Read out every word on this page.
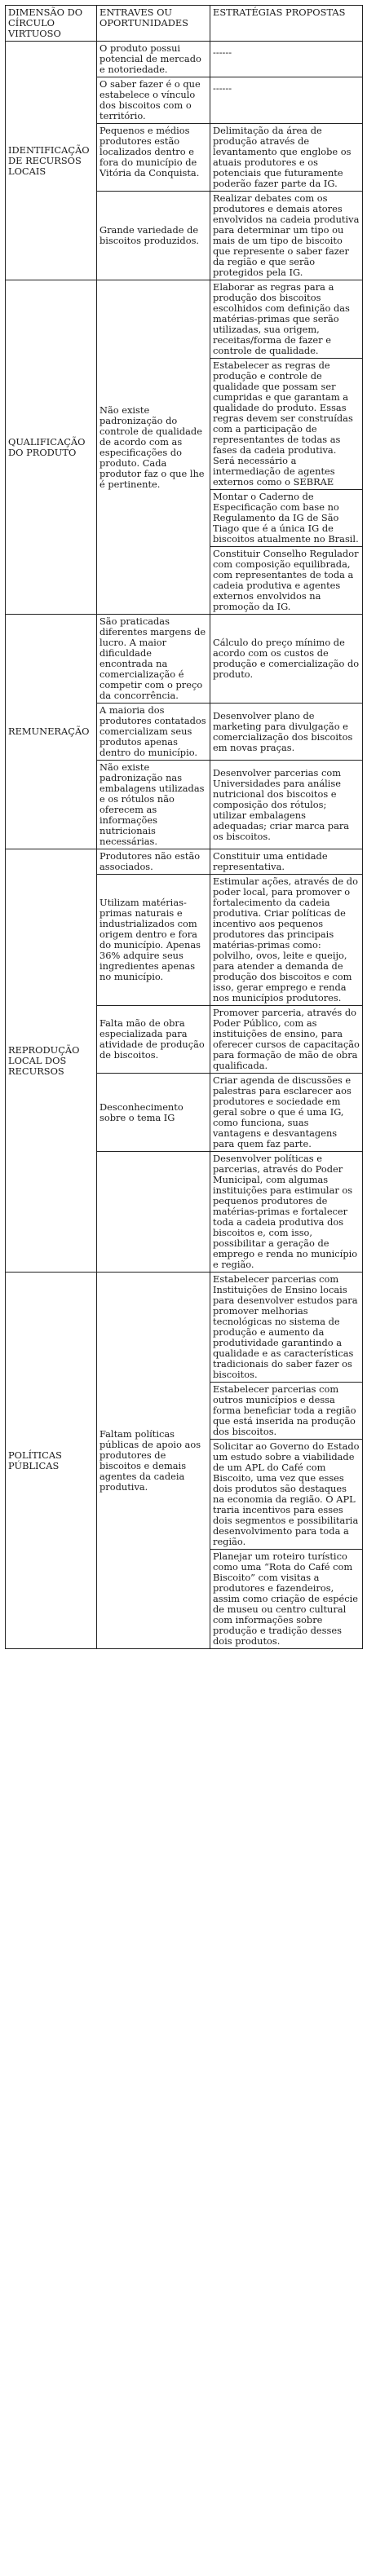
DIMENSÃO DO CÍRCULO VIRTUOSO	ENTRAVES OU OPORTUNIDADES	ESTRATÉGIAS PROPOSTAS
IDENTIFICAÇÃO DE RECURSOS LOCAIS	O produto possui potencial de mercado e notoriedade.	------
	O saber fazer é o que estabelece o vínculo dos biscoitos com o território.	------
	Pequenos e médios produtores estão localizados dentro e fora do município de Vitória da Conquista.	Delimitação da área de produção através de levantamento que englobe os atuais produtores e os potenciais que futuramente poderão fazer parte da IG.
	Grande variedade de biscoitos produzidos.	Realizar debates com os produtores e demais atores envolvidos na cadeia produtiva para determinar um tipo ou mais de um tipo de biscoito que represente o saber fazer da região e que serão protegidos pela IG.
QUALIFICAÇÃO DO PRODUTO	Não existe padronização do controle de qualidade de acordo com as especificações do produto. Cada produtor faz o que lhe é pertinente.	Elaborar as regras para a produção dos biscoitos escolhidos com definição das matérias-primas que serão utilizadas, sua origem, receitas/forma de fazer e controle de qualidade.
		Estabelecer as regras de produção e controle de qualidade que possam ser cumpridas e que garantam a qualidade do produto. Essas regras devem ser construídas com a participação de representantes de todas as fases da cadeia produtiva. Será necessário a intermediação de agentes externos como o SEBRAE
		Montar o Caderno de Especificação com base no Regulamento da IG de São Tiago que é a única IG de biscoitos atualmente no Brasil.
		Constituir Conselho Regulador com composição equilibrada, com representantes de toda a cadeia produtiva e agentes externos envolvidos na promoção da IG.
REMUNERAÇÃO	São praticadas diferentes margens de lucro. A maior dificuldade encontrada na comercialização é competir com o preço da concorrência.	Cálculo do preço mínimo de acordo com os custos de produção e comercialização do produto.
	A maioria dos produtores contatados comercializam seus produtos apenas dentro do município.	Desenvolver plano de marketing para divulgação e comercialização dos biscoitos em novas praças.
	Não existe padronização nas embalagens utilizadas e os rótulos não oferecem as informações nutricionais necessárias.	Desenvolver parcerias com Universidades para análise nutricional dos biscoitos e composição dos rótulos; utilizar embalagens adequadas; criar marca para os biscoitos.
REPRODUÇÃO LOCAL DOS RECURSOS	Produtores não estão associados.	Constituir uma entidade representativa.
	Utilizam matérias-primas naturais e industrializados com origem dentro e fora do município. Apenas 36% adquire seus ingredientes apenas no município.	Estimular ações, através de do poder local, para promover o fortalecimento da cadeia produtiva. Criar políticas de incentivo aos pequenos produtores das principais matérias-primas como: polvilho, ovos, leite e queijo, para atender a demanda de produção dos biscoitos e com isso, gerar emprego e renda nos municípios produtores.
	Falta mão de obra especializada para atividade de produção de biscoitos.	Promover parceria, através do Poder Público, com as instituições de ensino, para oferecer cursos de capacitação para formação de mão de obra qualificada.
	Desconhecimento sobre o tema IG	Criar agenda de discussões e palestras para esclarecer aos produtores e sociedade em geral sobre o que é uma IG, como funciona, suas vantagens e desvantagens para quem faz parte.
		Desenvolver políticas e parcerias, através do Poder Municipal, com algumas instituições para estimular os pequenos produtores de matérias-primas e fortalecer toda a cadeia produtiva dos biscoitos e, com isso, possibilitar a geração de emprego e renda no município e região.
POLÍTICAS PÚBLICAS	Faltam políticas públicas de apoio aos produtores de biscoitos e demais agentes da cadeia produtiva.	Estabelecer parcerias com Instituições de Ensino locais para desenvolver estudos para promover melhorias tecnológicas no sistema de produção e aumento da produtividade garantindo a qualidade e as características tradicionais do saber fazer os biscoitos.
		Estabelecer parcerias com outros municípios e dessa forma beneficiar toda a região que está inserida na produção dos biscoitos.
		Solicitar ao Governo do Estado um estudo sobre a viabilidade de um APL do Café com Biscoito, uma vez que esses dois produtos são destaques na economia da região. O APL traria incentivos para esses dois segmentos e possibilitaria desenvolvimento para toda a região.
		Planejar um roteiro turístico como uma “Rota do Café com Biscoito” com visitas a produtores e fazendeiros, assim como criação de espécie de museu ou centro cultural com informações sobre produção e tradição desses dois produtos.
